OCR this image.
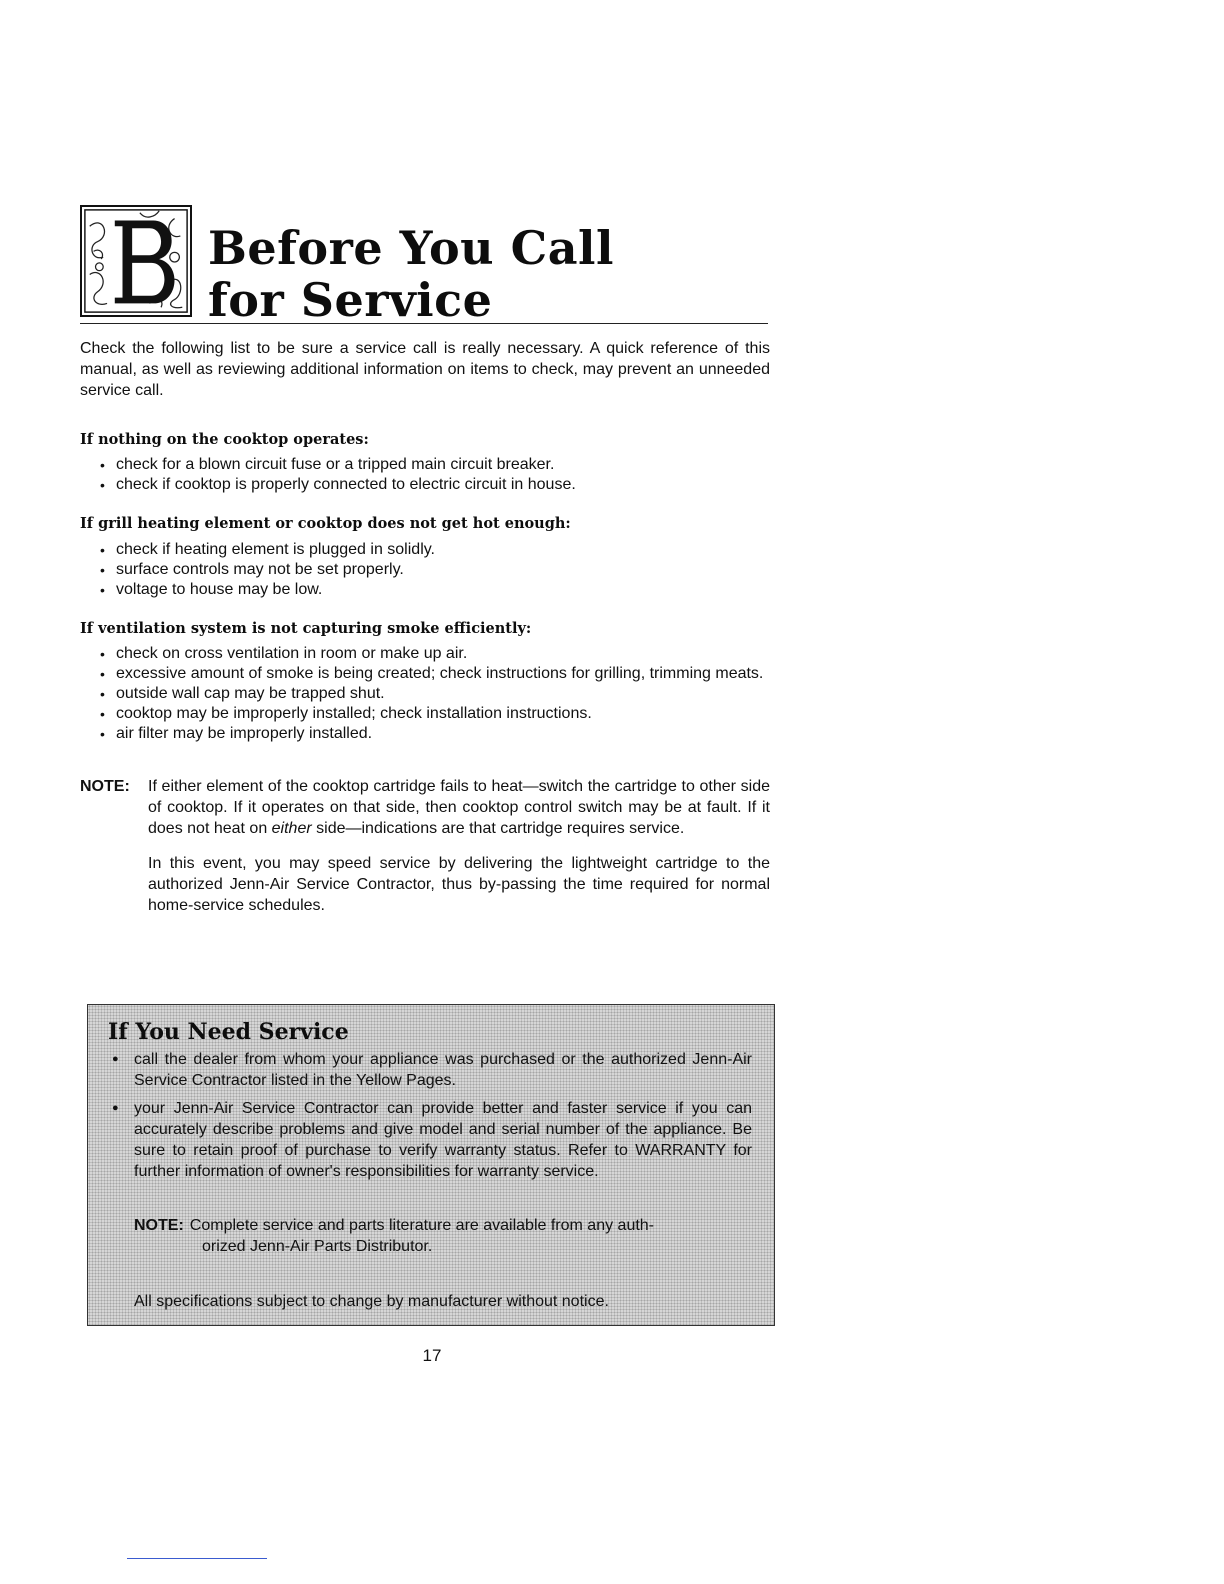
Before You Call
for Service
Check the following list to be sure a service call is really necessary. A quick reference of this manual, as well as reviewing additional information on items to check, may prevent an unneeded service call.
If nothing on the cooktop operates:
• check for a blown circuit fuse or a tripped main circuit breaker.
• check if cooktop is properly connected to electric circuit in house.
If grill heating element or cooktop does not get hot enough:
• check if heating element is plugged in solidly.
• surface controls may not be set properly.
• voltage to house may be low.
If ventilation system is not capturing smoke efficiently:
• check on cross ventilation in room or make up air.
• excessive amount of smoke is being created; check instructions for grilling, trimming meats.
• outside wall cap may be trapped shut.
• cooktop may be improperly installed; check installation instructions.
• air filter may be improperly installed.
NOTE: If either element of the cooktop cartridge fails to heat—switch the cartridge to other side of cooktop. If it operates on that side, then cooktop control switch may be at fault. If it does not heat on either side—indications are that cartridge requires service.

In this event, you may speed service by delivering the lightweight cartridge to the authorized Jenn-Air Service Contractor, thus by-passing the time required for normal home-service schedules.

If You Need Service
● call the dealer from whom your appliance was purchased or the authorized Jenn-Air Service Contractor listed in the Yellow Pages.
● your Jenn-Air Service Contractor can provide better and faster service if you can accurately describe problems and give model and serial number of the appliance. Be sure to retain proof of purchase to verify warranty status. Refer to WARRANTY for further information of owner's responsibilities for warranty service.
NOTE: Complete service and parts literature are available from any auth-
orized Jenn-Air Parts Distributor.
All specifications subject to change by manufacturer without notice.
17
